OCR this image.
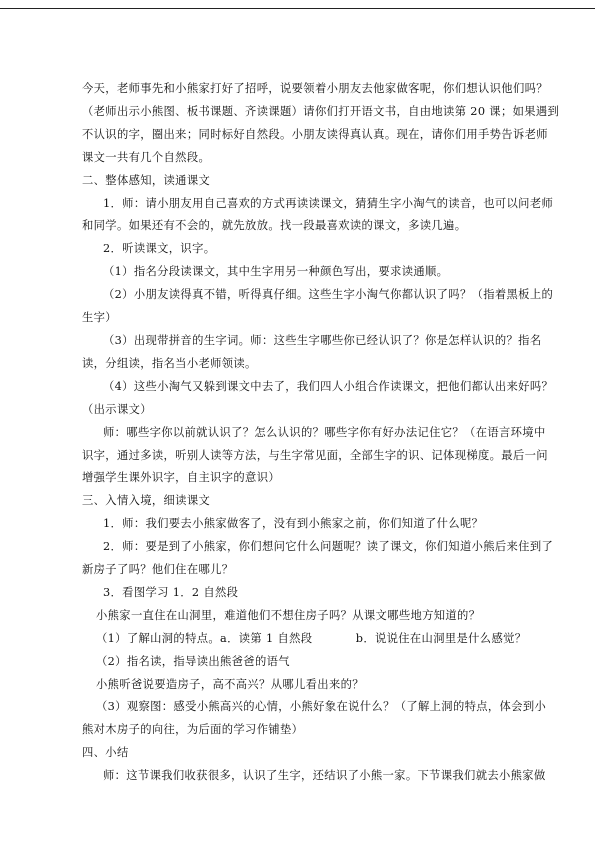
今天，老师事先和小熊家打好了招呼，说要领着小朋友去他家做客呢，你们想认识他们吗？

（老师出示小熊图、板书课题、齐读课题）请你们打开语文书，自由地读第 20 课；如果遇到

不认识的字，圈出来；同时标好自然段。小朋友读得真认真。现在，请你们用手势告诉老师

课文一共有几个自然段。

二、整体感知，读通课文

1．师：请小朋友用自己喜欢的方式再读读课文，猜猜生字小淘气的读音，也可以问老师

和同学。如果还有不会的，就先放放。找一段最喜欢读的课文，多读几遍。

2．听读课文，识字。

（1）指名分段读课文，其中生字用另一种颜色写出，要求读通顺。

（2）小朋友读得真不错，听得真仔细。这些生字小淘气你都认识了吗？（指着黑板上的

生字）

（3）出现带拼音的生字词。师：这些生字哪些你已经认识了？你是怎样认识的？指名

读，分组读，指名当小老师领读。

（4）这些小淘气又躲到课文中去了，我们四人小组合作读课文，把他们都认出来好吗？

（出示课文）

师：哪些字你以前就认识了？怎么认识的？哪些字你有好办法记住它？（在语言环境中

识字，通过多读，听别人读等方法，与生字常见面，全部生字的识、记体现梯度。最后一问

增强学生课外识字，自主识字的意识）

三、入情入境，细读课文

1．师：我们要去小熊家做客了，没有到小熊家之前，你们知道了什么呢？

2．师：要是到了小熊家，你们想问它什么问题呢？读了课文，你们知道小熊后来住到了

新房子了吗？他们住在哪儿？

3．看图学习 1．2 自然段

小熊家一直住在山洞里，难道他们不想住房子吗？从课文哪些地方知道的？

（1）了解山洞的特点。a．读第 1 自然段           b．说说住在山洞里是什么感觉？

（2）指名读，指导读出熊爸爸的语气

小熊听爸说要造房子，高不高兴？从哪儿看出来的？

（3）观察图：感受小熊高兴的心情，小熊好象在说什么？（了解上洞的特点，体会到小

熊对木房子的向往，为后面的学习作铺垫）

四、小结

师：这节课我们收获很多，认识了生字，还结识了小熊一家。下节课我们就去小熊家做
